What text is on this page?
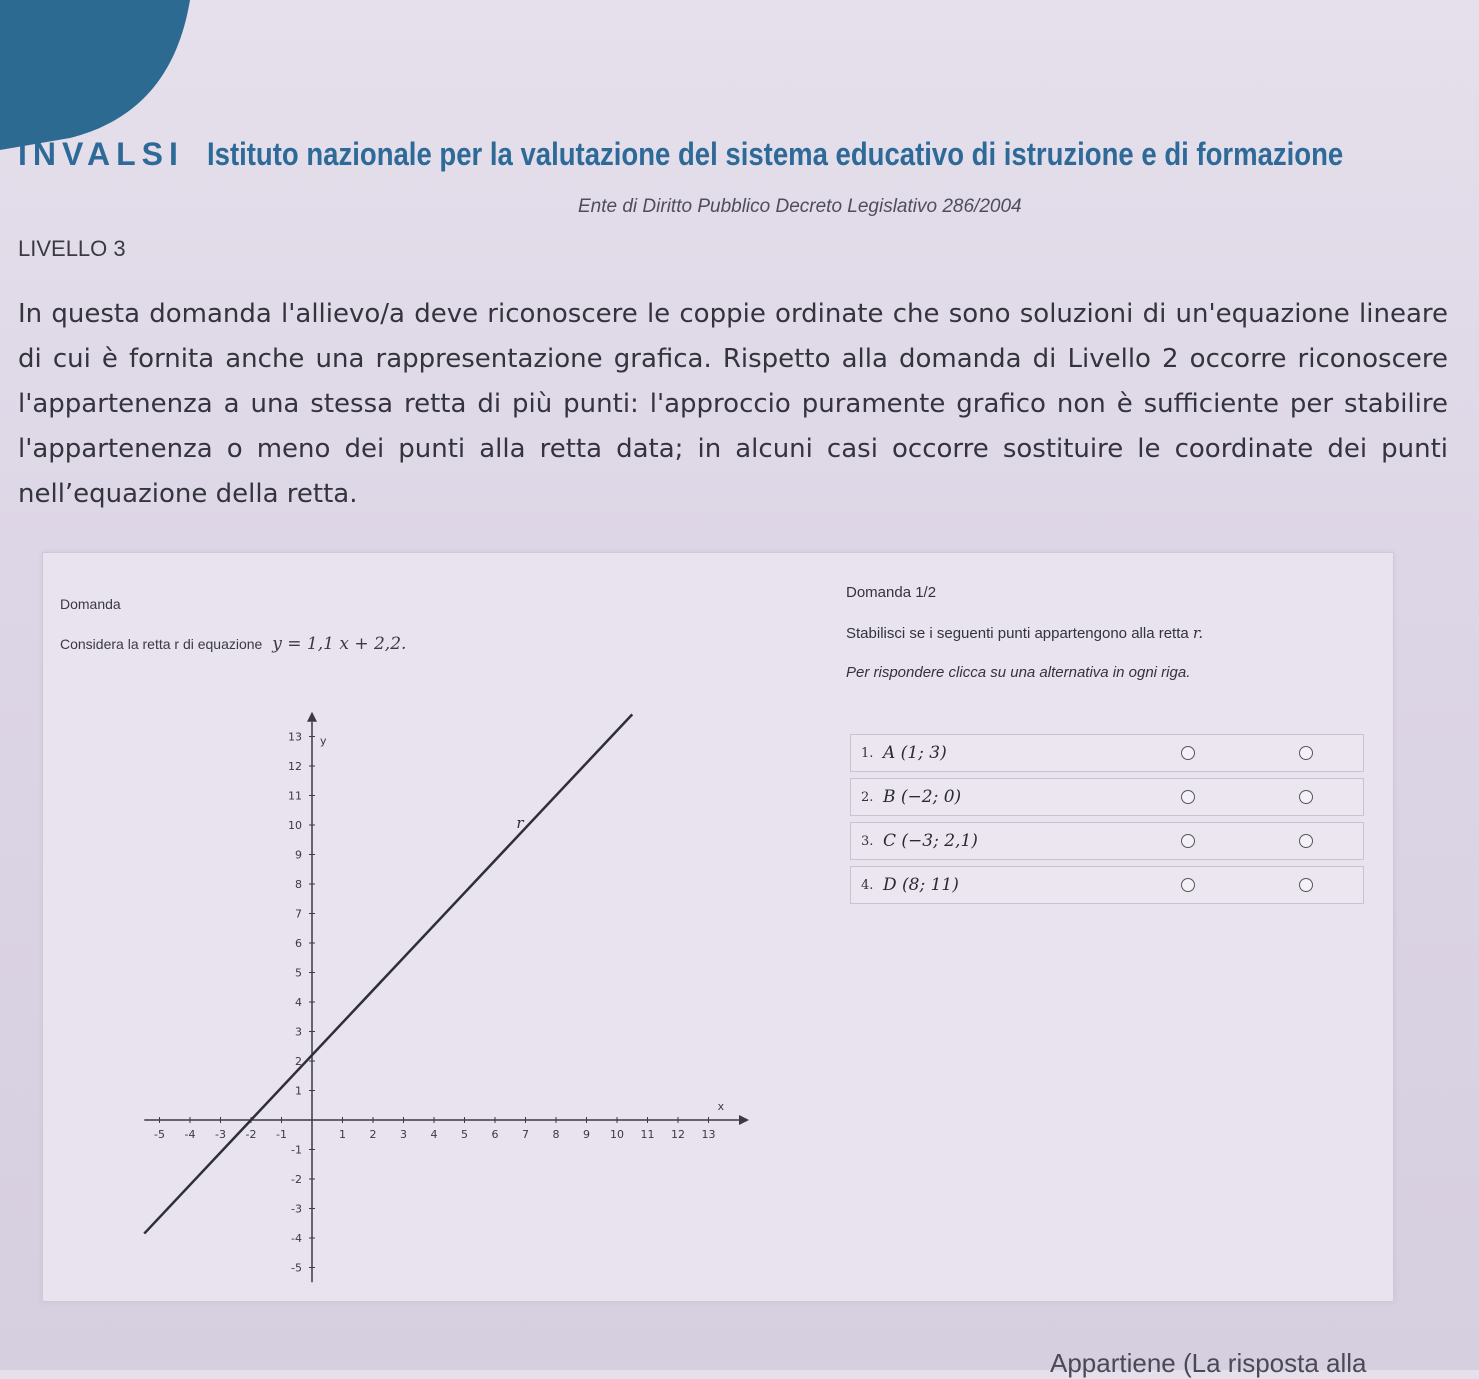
INVALSI Istituto nazionale per la valutazione del sistema educativo di istruzione e di formazione
Ente di Diritto Pubblico Decreto Legislativo 286/2004
LIVELLO 3
In questa domanda l'allievo/a deve riconoscere le coppie ordinate che sono soluzioni di un'equazione lineare di cui è fornita anche una rappresentazione grafica. Rispetto alla domanda di Livello 2 occorre riconoscere l'appartenenza a una stessa retta di più punti: l'approccio puramente grafico non è sufficiente per stabilire l'appartenenza o meno dei punti alla retta data; in alcuni casi occorre sostituire le coordinate dei punti nell’equazione della retta.
Domanda
Considera la retta r di equazione y = 1,1 x + 2,2.
-5 -4 -3 -2 -1	1 2 3 4 5 6 7 8 9 10 11 12 13
-5
-4
-3
-2
-1
1
2
3
4
5
6
7
8
9
10
11
12
13
x
y
r
Domanda 1/2
Stabilisci se i seguenti punti appartengono alla retta r.
Per rispondere clicca su una alternativa in ogni riga.
1. A (1; 3)
2. B (−2; 0)
3. C (−3; 2,1)
4. D (8; 11)
Appartiene (La risposta alla
